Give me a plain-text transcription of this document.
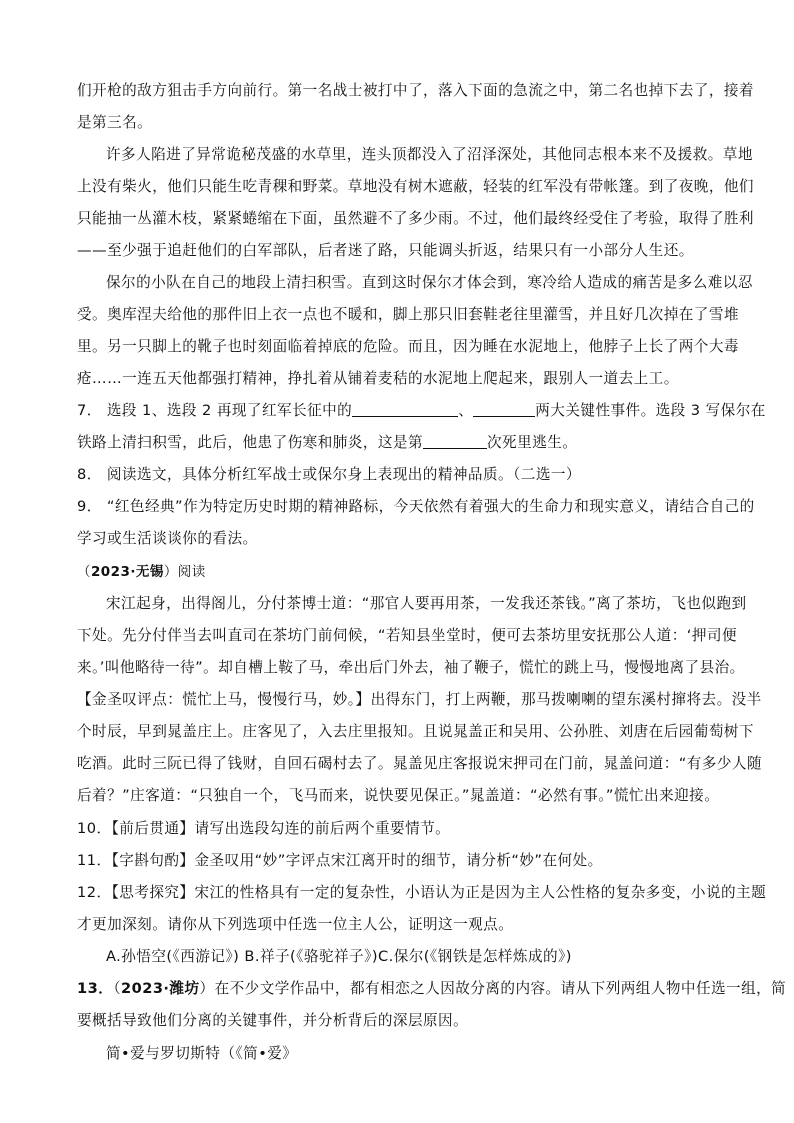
们开枪的敌方狙击手方向前行。第一名战士被打中了，落入下面的急流之中，第二名也掉下去了，接着
是第三名。
许多人陷进了异常诡秘茂盛的水草里，连头顶都没入了沼泽深处，其他同志根本来不及援救。草地
上没有柴火，他们只能生吃青稞和野菜。草地没有树木遮蔽，轻装的红军没有带帐篷。到了夜晚，他们
只能抽一丛灌木枝，紧紧蜷缩在下面，虽然避不了多少雨。不过，他们最终经受住了考验，取得了胜利
——至少强于追赶他们的白军部队，后者迷了路，只能调头折返，结果只有一小部分人生还。
保尔的小队在自己的地段上清扫积雪。直到这时保尔才体会到，寒冷给人造成的痛苦是多么难以忍
受。奥库涅夫给他的那件旧上衣一点也不暖和，脚上那只旧套鞋老往里灌雪，并且好几次掉在了雪堆
里。另一只脚上的靴子也时刻面临着掉底的危险。而且，因为睡在水泥地上，他脖子上长了两个大毒
疮……一连五天他都强打精神，挣扎着从铺着麦秸的水泥地上爬起来，跟别人一道去上工。
7． 选段 1、选段 2 再现了红军长征中的	、	两大关键性事件。选段 3 写保尔在
铁路上清扫积雪，此后，他患了伤寒和肺炎，这是第	次死里逃生。
8． 阅读选文，具体分析红军战士或保尔身上表现出的精神品质。（二选一）
9． “红色经典”作为特定历史时期的精神路标，今天依然有着强大的生命力和现实意义，请结合自己的
学习或生活谈谈你的看法。
（2023·无锡）阅读
宋江起身，出得阁儿，分付茶博士道：“那官人要再用茶，一发我还茶钱。”离了茶坊，飞也似跑到
下处。先分付伴当去叫直司在茶坊门前伺候，“若知县坐堂时，便可去茶坊里安抚那公人道：‘押司便
来。’叫他略待一待”。却自槽上鞍了马，牵出后门外去，袖了鞭子，慌忙的跳上马，慢慢地离了县治。
【金圣叹评点：慌忙上马，慢慢行马，妙。】出得东门，打上两鞭，那马拨喇喇的望东溪村撺将去。没半
个时辰，早到晁盖庄上。庄客见了，入去庄里报知。且说晁盖正和吴用、公孙胜、刘唐在后园葡萄树下
吃酒。此时三阮已得了钱财，自回石碣村去了。晁盖见庄客报说宋押司在门前，晁盖问道：“有多少人随
后着？”庄客道：“只独自一个，飞马而来，说快要见保正。”晁盖道：“必然有事。”慌忙出来迎接。
10．【前后贯通】请写出选段勾连的前后两个重要情节。
11．【字斟句酌】金圣叹用“妙”字评点宋江离开时的细节，请分析“妙”在何处。
12．【思考探究】宋江的性格具有一定的复杂性，小语认为正是因为主人公性格的复杂多变，小说的主题
才更加深刻。请你从下列选项中任选一位主人公，证明这一观点。
A.孙悟空(《西游记》) B.祥子(《骆驼祥子》)C.保尔(《钢铁是怎样炼成的》)
13．（2023·潍坊）在不少文学作品中，都有相恋之人因故分离的内容。请从下列两组人物中任选一组，简
要概括导致他们分离的关键事件，并分析背后的深层原因。
简•爱与罗切斯特（《简•爱》
